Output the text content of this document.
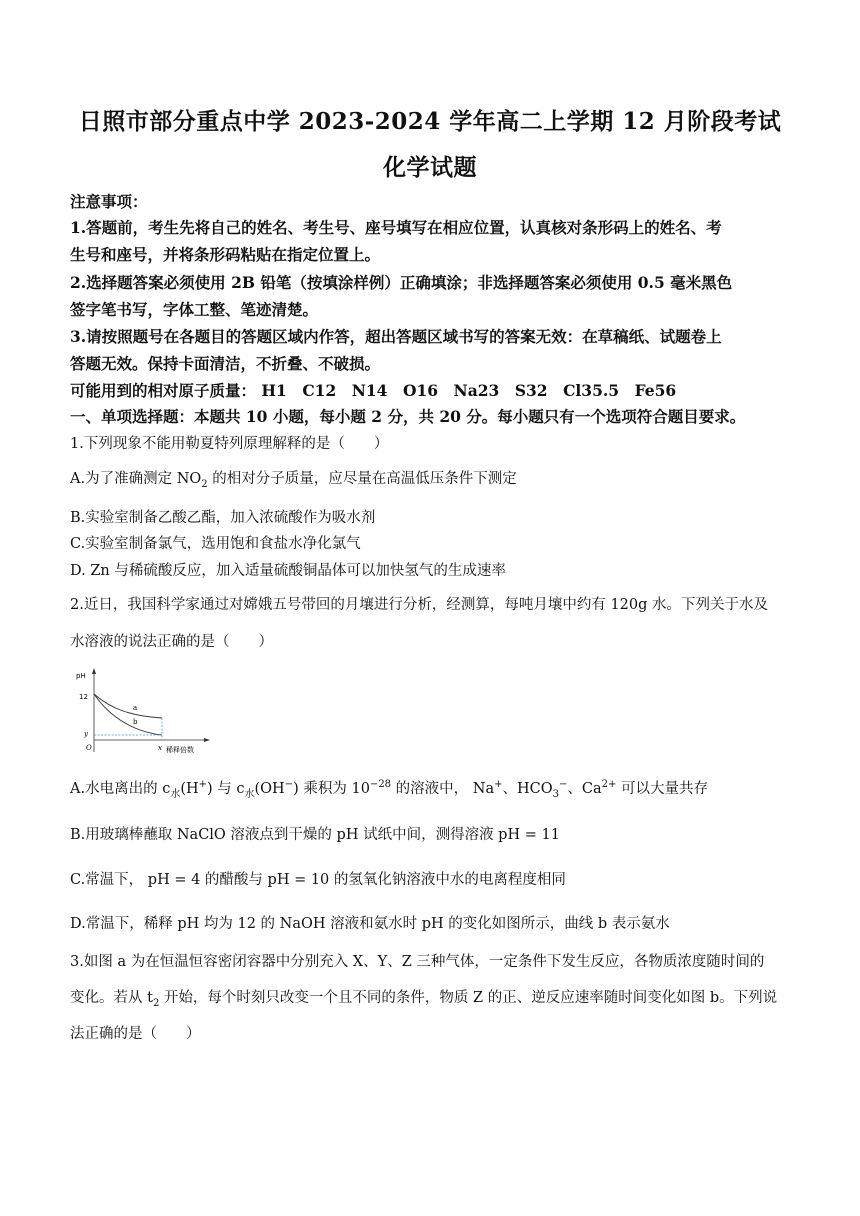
日照市部分重点中学 2023-2024 学年高二上学期 12 月阶段考试
化学试题
注意事项：
1.答题前，考生先将自己的姓名、考生号、座号填写在相应位置，认真核对条形码上的姓名、考
生号和座号，并将条形码粘贴在指定位置上。
2.选择题答案必须使用 2B 铅笔（按填涂样例）正确填涂；非选择题答案必须使用 0.5 毫米黑色
签字笔书写，字体工整、笔迹清楚。
3.请按照题号在各题目的答题区域内作答，超出答题区域书写的答案无效：在草稿纸、试题卷上
答题无效。保持卡面清洁，不折叠、不破损。
可能用到的相对原子质量： H1　C12　N14　O16　Na23　S32　Cl35.5　Fe56
一、单项选择题：本题共 10 小题，每小题 2 分，共 20 分。每小题只有一个选项符合题目要求。
1.下列现象不能用勒夏特列原理解释的是（　　）
A.为了准确测定 $NO_2$ 的相对分子质量，应尽量在高温低压条件下测定
B.实验室制备乙酸乙酯，加入浓硫酸作为吸水剂
C.实验室制备氯气，选用饱和食盐水净化氯气
D. Zn 与稀硫酸反应，加入适量硫酸铜晶体可以加快氢气的生成速率
2.近日，我国科学家通过对嫦娥五号带回的月壤进行分析，经测算，每吨月壤中约有 120g 水。下列关于水及
水溶液的说法正确的是（　　）
pH
12
y
O	x 稀释倍数
a
b
A.水电离出的 $c_水(H^+)$ 与 $c_水(OH^-)$ 乘积为 $10^{-28}$ 的溶液中， Na+、$HCO_3^-$、$Ca^{2+}$ 可以大量共存
B.用玻璃棒蘸取 NaClO 溶液点到干燥的 pH 试纸中间，测得溶液 pH = 11
C.常温下， pH = 4 的醋酸与 pH = 10 的氢氧化钠溶液中水的电离程度相同
D.常温下，稀释 pH 均为 12 的 NaOH 溶液和氨水时 pH 的变化如图所示，曲线 b 表示氨水
3.如图 a 为在恒温恒容密闭容器中分别充入 X、Y、Z 三种气体，一定条件下发生反应，各物质浓度随时间的
变化。若从 $t_2$ 开始，每个时刻只改变一个且不同的条件，物质 Z 的正、逆反应速率随时间变化如图 b。下列说
法正确的是（　　）
